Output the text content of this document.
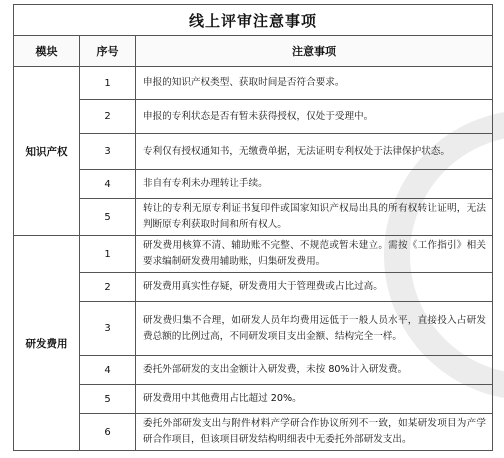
线上评审注意事项		
模块	序号	注意事项
知识产权	1	申报的知识产权类型、获取时间是否符合要求。
	2	申报的专利状态是否有暂未获得授权，仅处于受理中。
	3	专利仅有授权通知书，无缴费单据，无法证明专利权处于法律保护状态。
	4	非自有专利未办理转让手续。
	5	转让的专利无原专利证书复印件或国家知识产权局出具的所有权转让证明，无法判断原专利获取时间和所有权人。
研发费用	1	研发费用核算不清、辅助账不完整、不规范或暂未建立。需按《工作指引》相关要求编制研发费用辅助账，归集研发费用。
	2	研发费用真实性存疑，研发费用大于管理费或占比过高。
	3	研发费归集不合理，如研发人员年均费用远低于一般人员水平，直接投入占研发费总额的比例过高，不同研发项目支出金额、结构完全一样。
	4	委托外部研发的支出金额计入研发费，未按 80%计入研发费。
	5	研发费用中其他费用占比超过 20%。
	6	委托外部研发支出与附件材料产学研合作协议所列不一致，如某研发项目为产学研合作项目，但该项目研发结构明细表中无委托外部研发支出。
